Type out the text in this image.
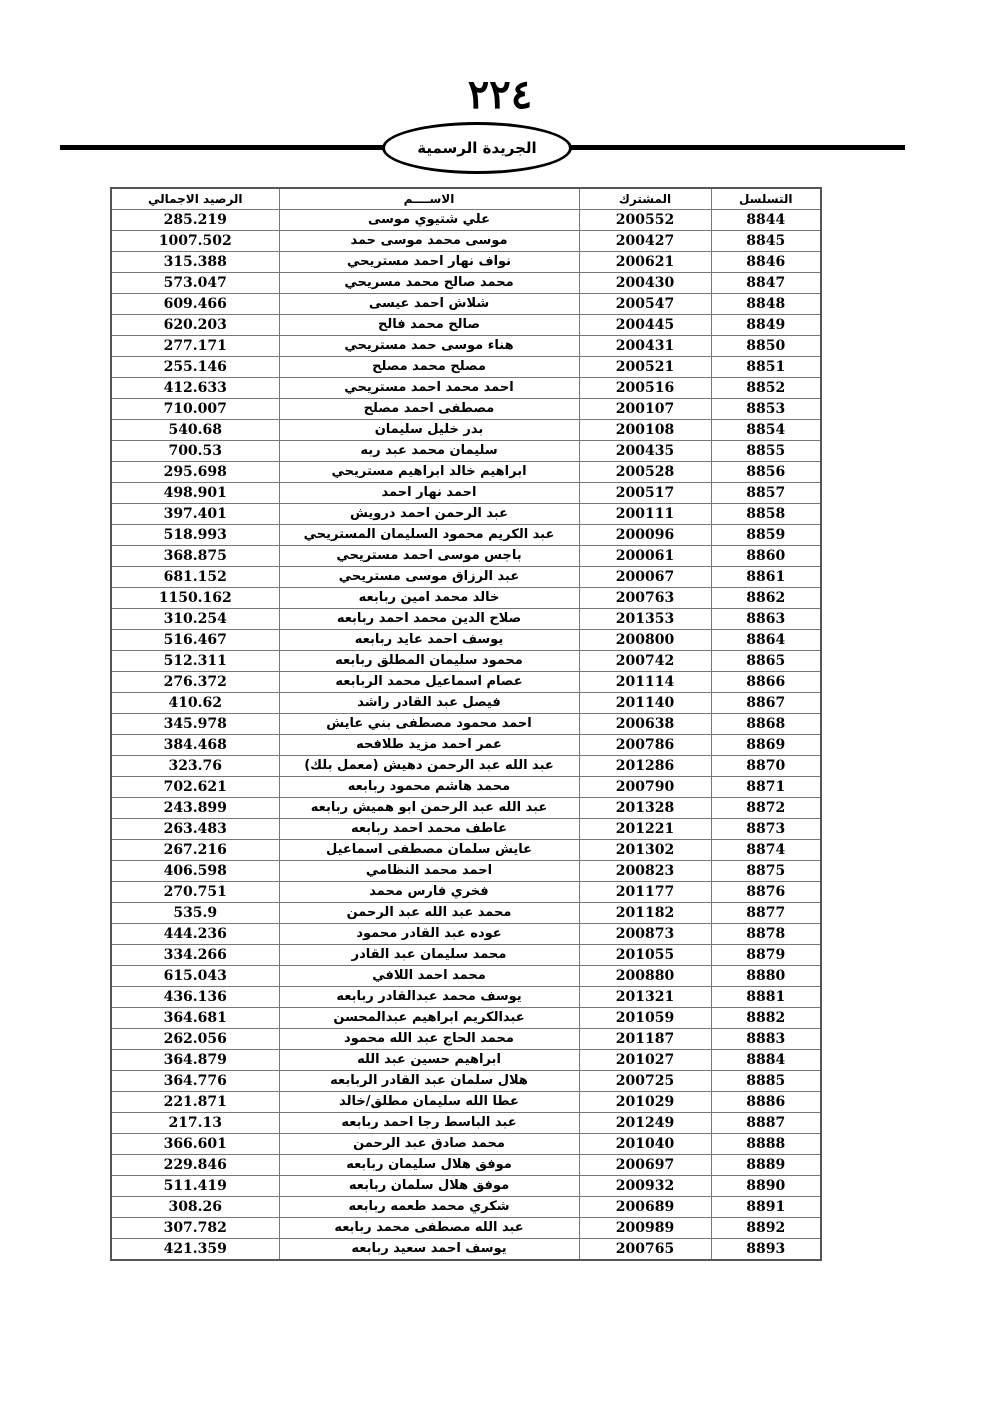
٢٢٤
الجريدة الرسمية
الرصيد الاجمالي	الاســــم	المشترك	التسلسل
285.219	علي شتيوي موسى	200552	8844
1007.502	موسى محمد موسى حمد	200427	8845
315.388	نواف نهار احمد مستريحي	200621	8846
573.047	محمد صالح محمد مسريحي	200430	8847
609.466	شلاش احمد عيسى	200547	8848
620.203	صالح محمد فالح	200445	8849
277.171	هناء موسى حمد مستريحي	200431	8850
255.146	مصلح محمد مصلح	200521	8851
412.633	احمد محمد احمد مستريحي	200516	8852
710.007	مصطفى احمد مصلح	200107	8853
540.68	بدر خليل سليمان	200108	8854
700.53	سليمان محمد عبد ربه	200435	8855
295.698	ابراهيم خالد ابراهيم مستريحي	200528	8856
498.901	احمد نهار احمد	200517	8857
397.401	عبد الرحمن احمد درويش	200111	8858
518.993	عبد الكريم محمود السليمان المستريحي	200096	8859
368.875	باجس موسى احمد مستريحي	200061	8860
681.152	عبد الرزاق موسى مستريحي	200067	8861
1150.162	خالد محمد امين ربابعه	200763	8862
310.254	صلاح الدين محمد احمد ربابعه	201353	8863
516.467	يوسف احمد عايد ربابعه	200800	8864
512.311	محمود سليمان المطلق ربابعه	200742	8865
276.372	عصام اسماعيل محمد الربابعه	201114	8866
410.62	فيصل عبد القادر راشد	201140	8867
345.978	احمد محمود مصطفى بني عايش	200638	8868
384.468	عمر احمد مزيد طلافحه	200786	8869
323.76	عبد الله عبد الرحمن دهيش (معمل بلك)	201286	8870
702.621	محمد هاشم محمود ربابعه	200790	8871
243.899	عبد الله عبد الرحمن ابو هميش ربابعه	201328	8872
263.483	عاطف محمد احمد ربابعه	201221	8873
267.216	عايش سلمان مصطفى اسماعيل	201302	8874
406.598	احمد محمد النظامي	200823	8875
270.751	فخري فارس محمد	201177	8876
535.9	محمد عبد الله عبد الرحمن	201182	8877
444.236	عوده عبد القادر محمود	200873	8878
334.266	محمد سليمان عبد القادر	201055	8879
615.043	محمد احمد اللافي	200880	8880
436.136	يوسف محمد عبدالقادر ربابعه	201321	8881
364.681	عبدالكريم ابراهيم عبدالمحسن	201059	8882
262.056	محمد الحاج عبد الله محمود	201187	8883
364.879	ابراهيم حسين عبد الله	201027	8884
364.776	هلال سلمان عبد القادر الربابعه	200725	8885
221.871	عطا الله سليمان مطلق/خالد	201029	8886
217.13	عبد الباسط رجا احمد ربابعه	201249	8887
366.601	محمد صادق عبد الرحمن	201040	8888
229.846	موفق هلال سليمان ربابعه	200697	8889
511.419	موفق هلال سلمان ربابعه	200932	8890
308.26	شكري محمد طعمه ربابعه	200689	8891
307.782	عبد الله مصطفى محمد ربابعه	200989	8892
421.359	يوسف احمد سعيد ربابعه	200765	8893
